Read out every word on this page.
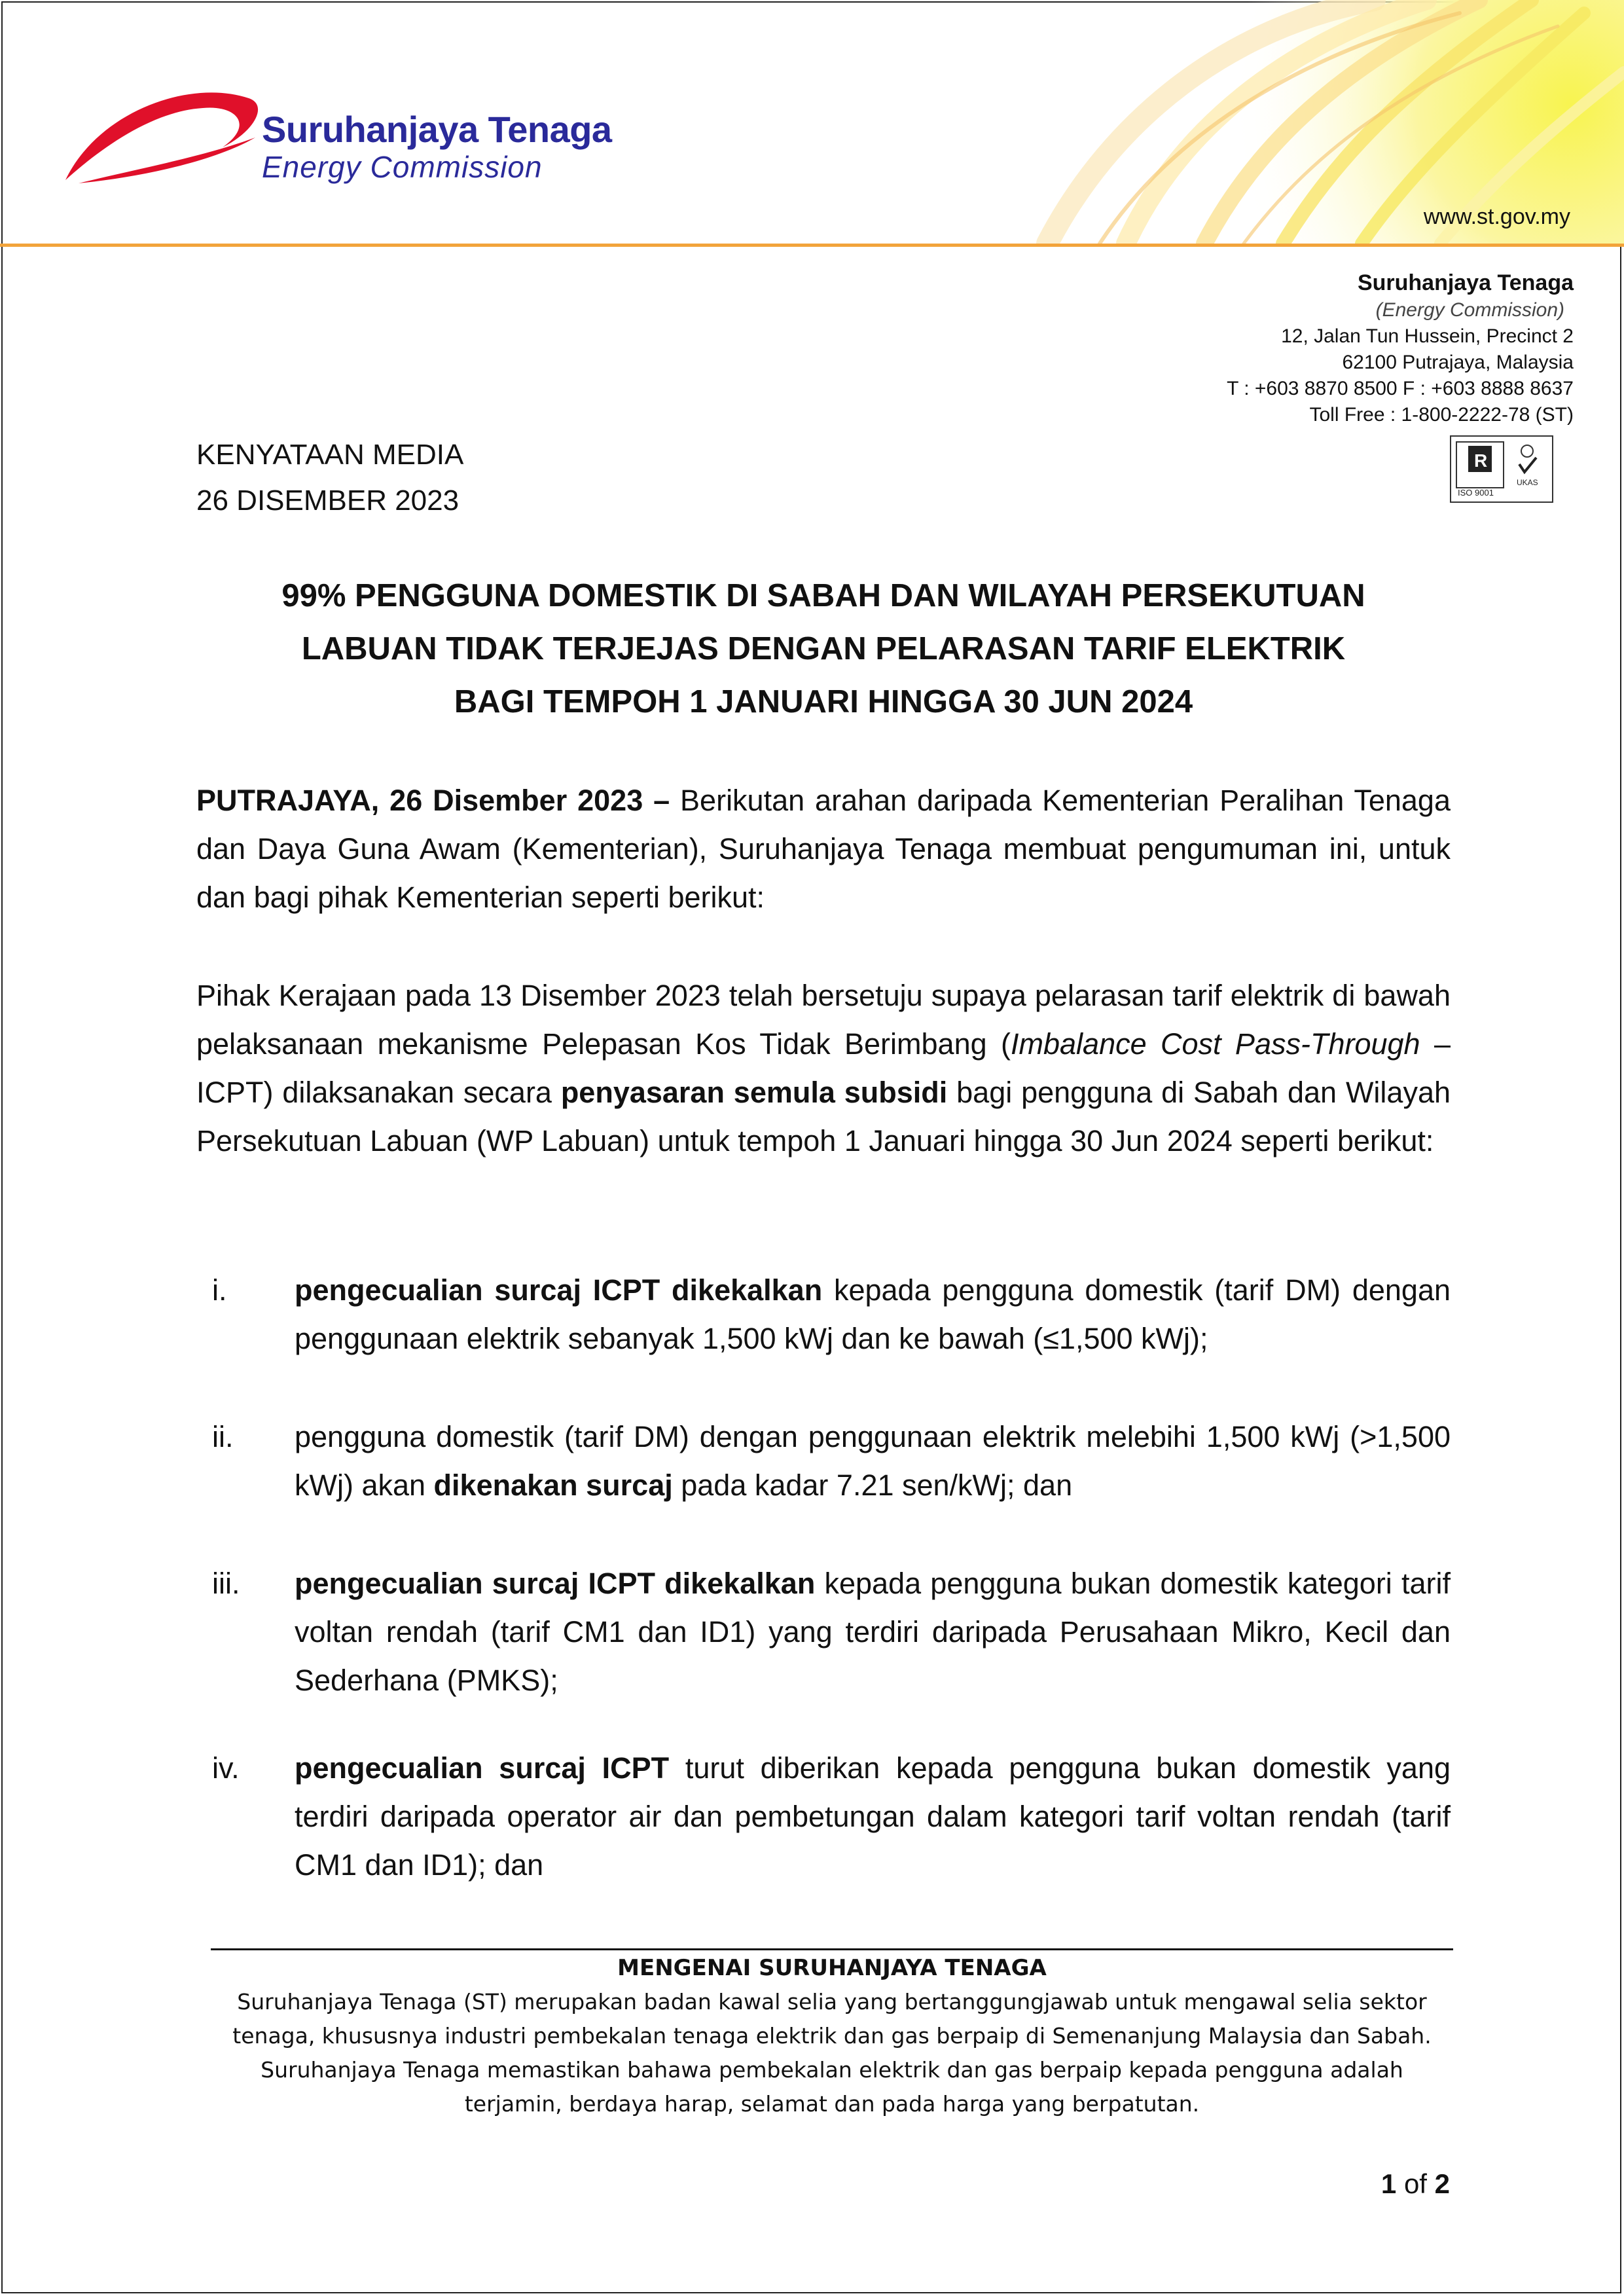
Suruhanjaya Tenaga
Energy Commission
www.st.gov.my
Suruhanjaya Tenaga
(Energy Commission)
12, Jalan Tun Hussein, Precinct 2
62100 Putrajaya, Malaysia
T : +603 8870 8500 F : +603 8888 8637
Toll Free : 1-800-2222-78 (ST)
R
ISO 9001
UKAS
KENYATAAN MEDIA
26 DISEMBER 2023
99% PENGGUNA DOMESTIK DI SABAH DAN WILAYAH PERSEKUTUAN
LABUAN TIDAK TERJEJAS DENGAN PELARASAN TARIF ELEKTRIK
BAGI TEMPOH 1 JANUARI HINGGA 30 JUN 2024
PUTRAJAYA, 26 Disember 2023 – Berikutan arahan daripada Kementerian Peralihan Tenaga dan Daya Guna Awam (Kementerian), Suruhanjaya Tenaga membuat pengumuman ini, untuk dan bagi pihak Kementerian seperti berikut:
Pihak Kerajaan pada 13 Disember 2023 telah bersetuju supaya pelarasan tarif elektrik di bawah pelaksanaan mekanisme Pelepasan Kos Tidak Berimbang (Imbalance Cost Pass-Through – ICPT) dilaksanakan secara penyasaran semula subsidi bagi pengguna di Sabah dan Wilayah Persekutuan Labuan (WP Labuan) untuk tempoh 1 Januari hingga 30 Jun 2024 seperti berikut:
i.	pengecualian surcaj ICPT dikekalkan kepada pengguna domestik (tarif DM) dengan penggunaan elektrik sebanyak 1,500 kWj dan ke bawah (≤1,500 kWj);
ii.	pengguna domestik (tarif DM) dengan penggunaan elektrik melebihi 1,500 kWj (>1,500 kWj) akan dikenakan surcaj pada kadar 7.21 sen/kWj; dan
iii.	pengecualian surcaj ICPT dikekalkan kepada pengguna bukan domestik kategori tarif voltan rendah (tarif CM1 dan ID1) yang terdiri daripada Perusahaan Mikro, Kecil dan Sederhana (PMKS);
iv.	pengecualian surcaj ICPT turut diberikan kepada pengguna bukan domestik yang terdiri daripada operator air dan pembetungan dalam kategori tarif voltan rendah (tarif CM1 dan ID1); dan
MENGENAI SURUHANJAYA TENAGA
Suruhanjaya Tenaga (ST) merupakan badan kawal selia yang bertanggungjawab untuk mengawal selia sektor
tenaga, khususnya industri pembekalan tenaga elektrik dan gas berpaip di Semenanjung Malaysia dan Sabah.
Suruhanjaya Tenaga memastikan bahawa pembekalan elektrik dan gas berpaip kepada pengguna adalah
terjamin, berdaya harap, selamat dan pada harga yang berpatutan.
1 of 2
